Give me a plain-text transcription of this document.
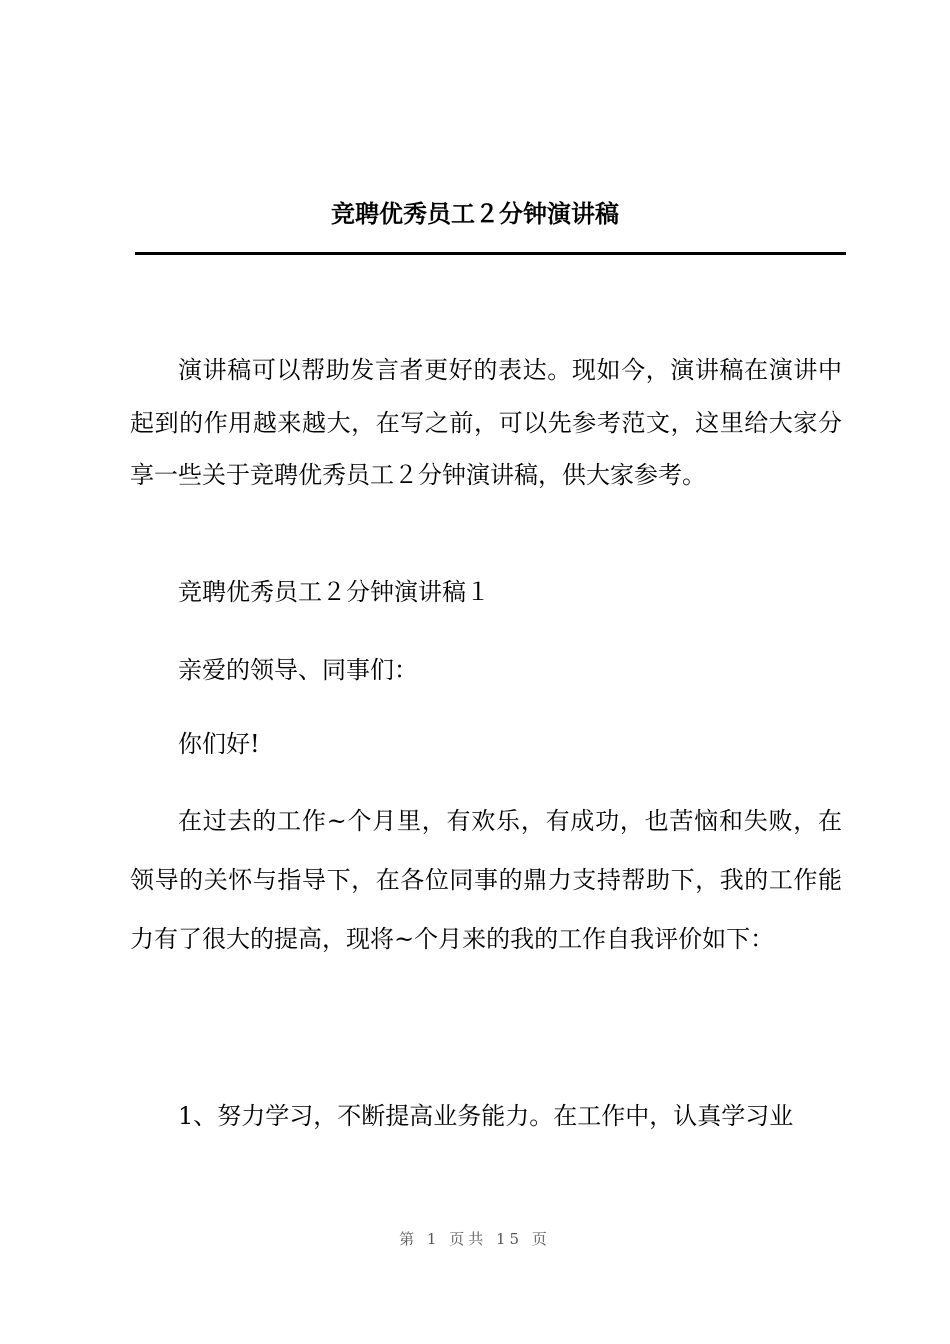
竞聘优秀员工２分钟演讲稿

演讲稿可以帮助发言者更好的表达。现如今，演讲稿在演讲中起到的作用越来越大，在写之前，可以先参考范文，这里给大家分享一些关于竞聘优秀员工２分钟演讲稿，供大家参考。

竞聘优秀员工２分钟演讲稿１

亲爱的领导、同事们：

你们好!

在过去的工作~个月里，有欢乐，有成功，也苦恼和失败，在领导的关怀与指导下，在各位同事的鼎力支持帮助下，我的工作能力有了很大的提高，现将~个月来的我的工作自我评价如下：

1、努力学习，不断提高业务能力。在工作中，认真学习业

第 1 页共 15 页
